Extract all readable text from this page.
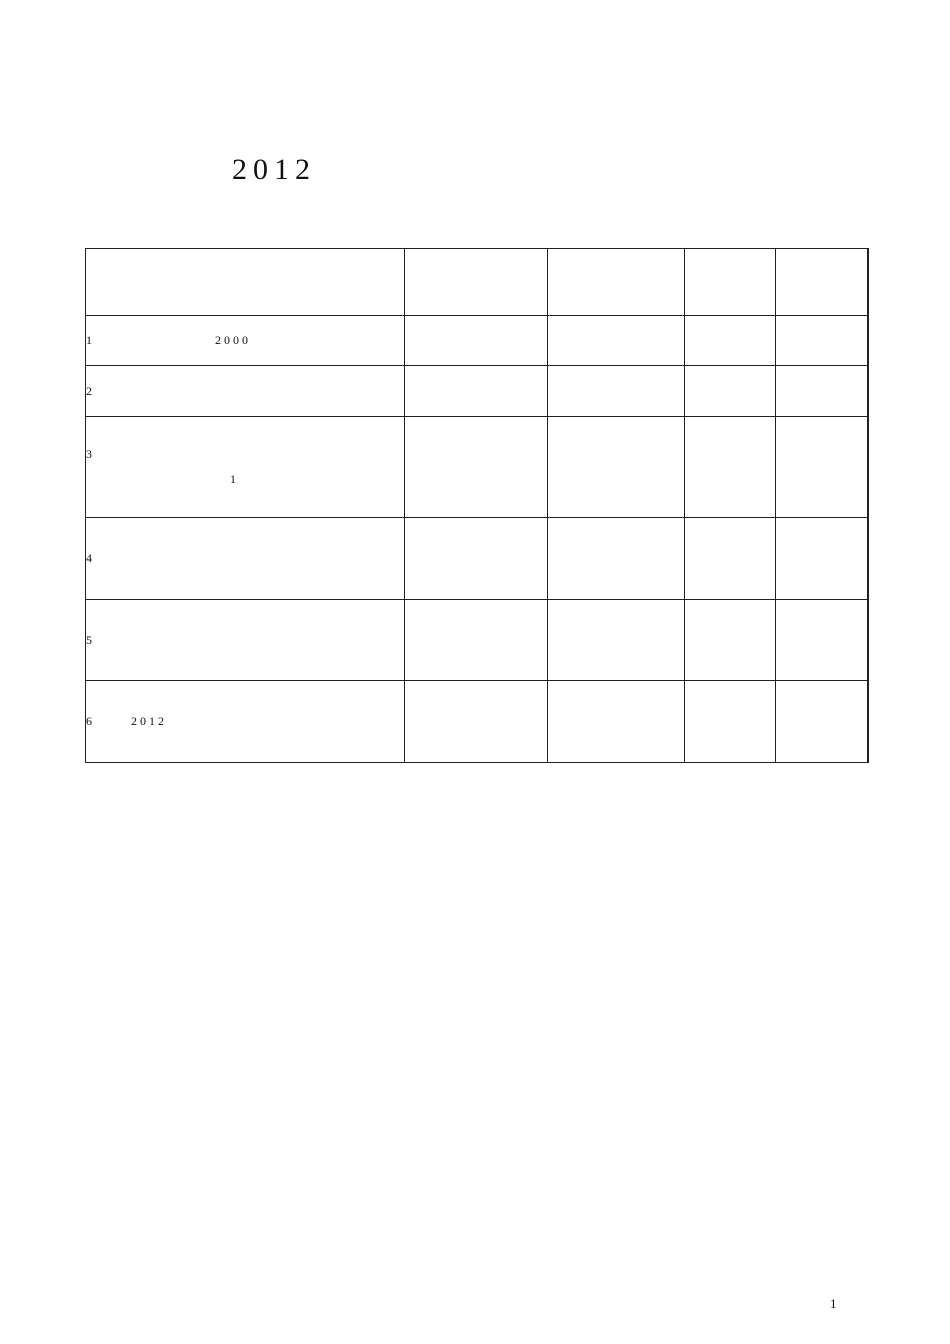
2012

1                    2000				

2				

3
1				

4				

5				

6      2012				

1
